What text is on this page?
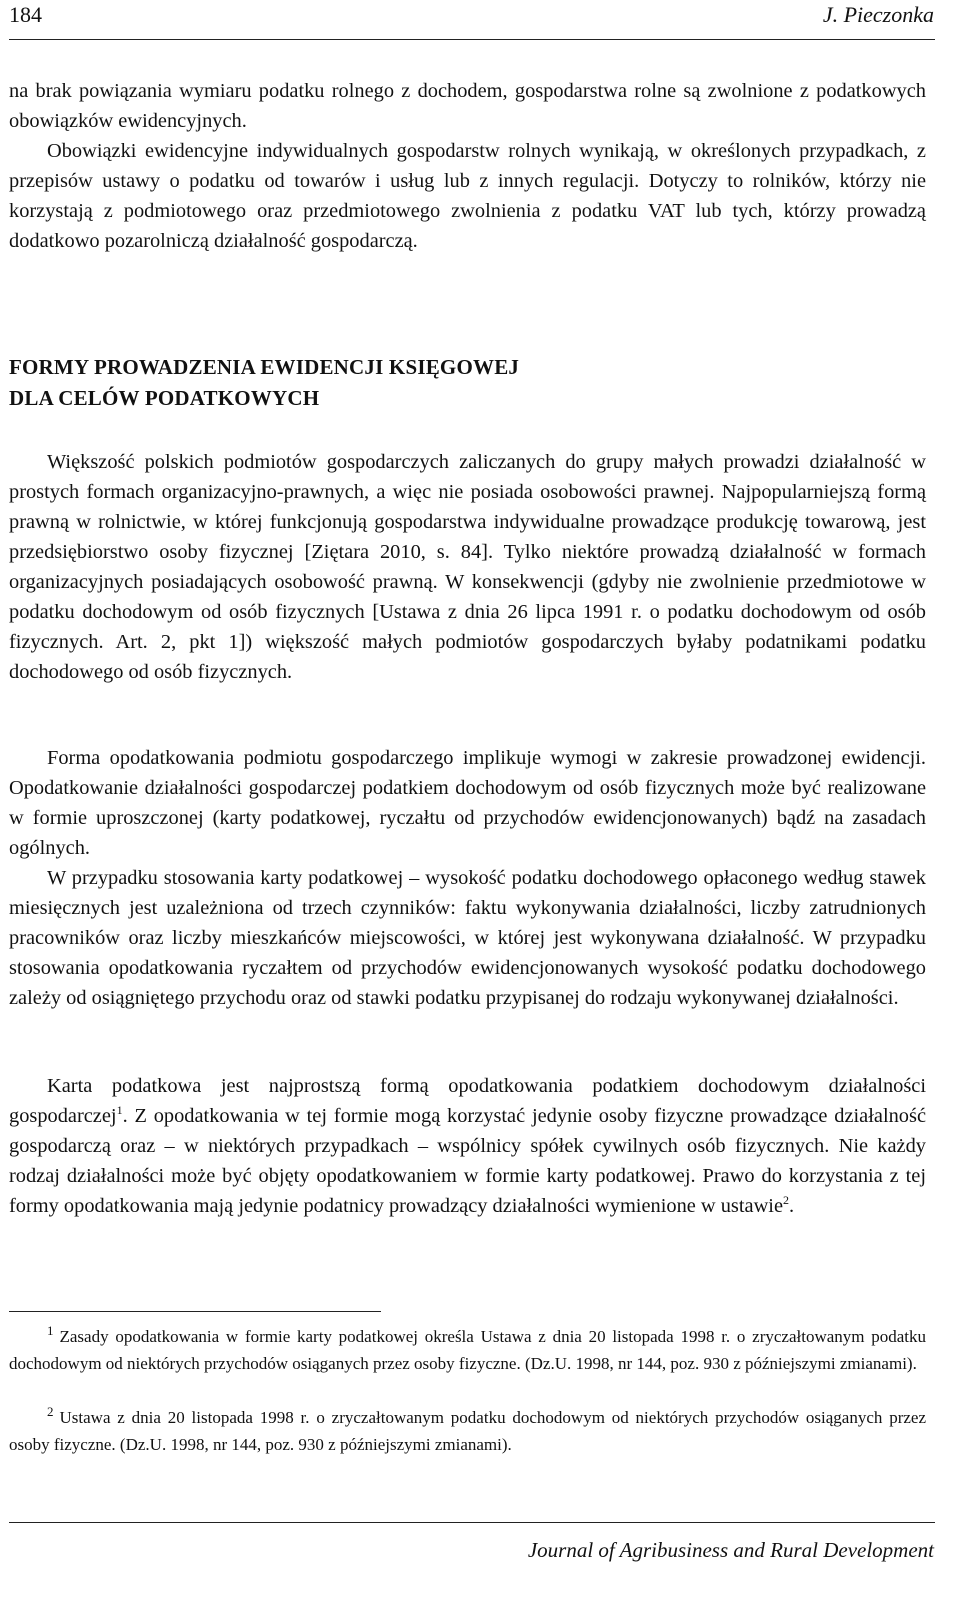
184	J. Pieczonka

na brak powiązania wymiaru podatku rolnego z dochodem, gospodarstwa rolne są zwolnione z podatkowych obowiązków ewidencyjnych.

Obowiązki ewidencyjne indywidualnych gospodarstw rolnych wynikają, w określonych przypadkach, z przepisów ustawy o podatku od towarów i usług lub z innych regulacji. Dotyczy to rolników, którzy nie korzystają z podmiotowego oraz przedmiotowego zwolnienia z podatku VAT lub tych, którzy prowadzą dodatkowo pozarolniczą działalność gospodarczą.

FORMY PROWADZENIA EWIDENCJI KSIĘGOWEJ
DLA CELÓW PODATKOWYCH

Większość polskich podmiotów gospodarczych zaliczanych do grupy małych prowadzi działalność w prostych formach organizacyjno-prawnych, a więc nie posiada osobowości prawnej. Najpopularniejszą formą prawną w rolnictwie, w której funkcjonują gospodarstwa indywidualne prowadzące produkcję towarową, jest przedsiębiorstwo osoby fizycznej [Ziętara 2010, s. 84]. Tylko niektóre prowadzą działalność w formach organizacyjnych posiadających osobowość prawną. W konsekwencji (gdyby nie zwolnienie przedmiotowe w podatku dochodowym od osób fizycznych [Ustawa z dnia 26 lipca 1991 r. o podatku dochodowym od osób fizycznych. Art. 2, pkt 1]) większość małych podmiotów gospodarczych byłaby podatnikami podatku dochodowego od osób fizycznych.

Forma opodatkowania podmiotu gospodarczego implikuje wymogi w zakresie prowadzonej ewidencji. Opodatkowanie działalności gospodarczej podatkiem dochodowym od osób fizycznych może być realizowane w formie uproszczonej (karty podatkowej, ryczałtu od przychodów ewidencjonowanych) bądź na zasadach ogólnych.

W przypadku stosowania karty podatkowej – wysokość podatku dochodowego opłaconego według stawek miesięcznych jest uzależniona od trzech czynników: faktu wykonywania działalności, liczby zatrudnionych pracowników oraz liczby mieszkańców miejscowości, w której jest wykonywana działalność. W przypadku stosowania opodatkowania ryczałtem od przychodów ewidencjonowanych wysokość podatku dochodowego zależy od osiągniętego przychodu oraz od stawki podatku przypisanej do rodzaju wykonywanej działalności.

Karta podatkowa jest najprostszą formą opodatkowania podatkiem dochodowym działalności gospodarczej$^1$. Z opodatkowania w tej formie mogą korzystać jedynie osoby fizyczne prowadzące działalność gospodarczą oraz – w niektórych przypadkach – wspólnicy spółek cywilnych osób fizycznych. Nie każdy rodzaj działalności może być objęty opodatkowaniem w formie karty podatkowej. Prawo do korzystania z tej formy opodatkowania mają jedynie podatnicy prowadzący działalności wymienione w ustawie$^2$.

$^1$ Zasady opodatkowania w formie karty podatkowej określa Ustawa z dnia 20 listopada 1998 r. o zryczałtowanym podatku dochodowym od niektórych przychodów osiąganych przez osoby fizyczne. (Dz.U. 1998, nr 144, poz. 930 z późniejszymi zmianami).

$^2$ Ustawa z dnia 20 listopada 1998 r. o zryczałtowanym podatku dochodowym od niektórych przychodów osiąganych przez osoby fizyczne. (Dz.U. 1998, nr 144, poz. 930 z późniejszymi zmianami).

Journal of Agribusiness and Rural Development
